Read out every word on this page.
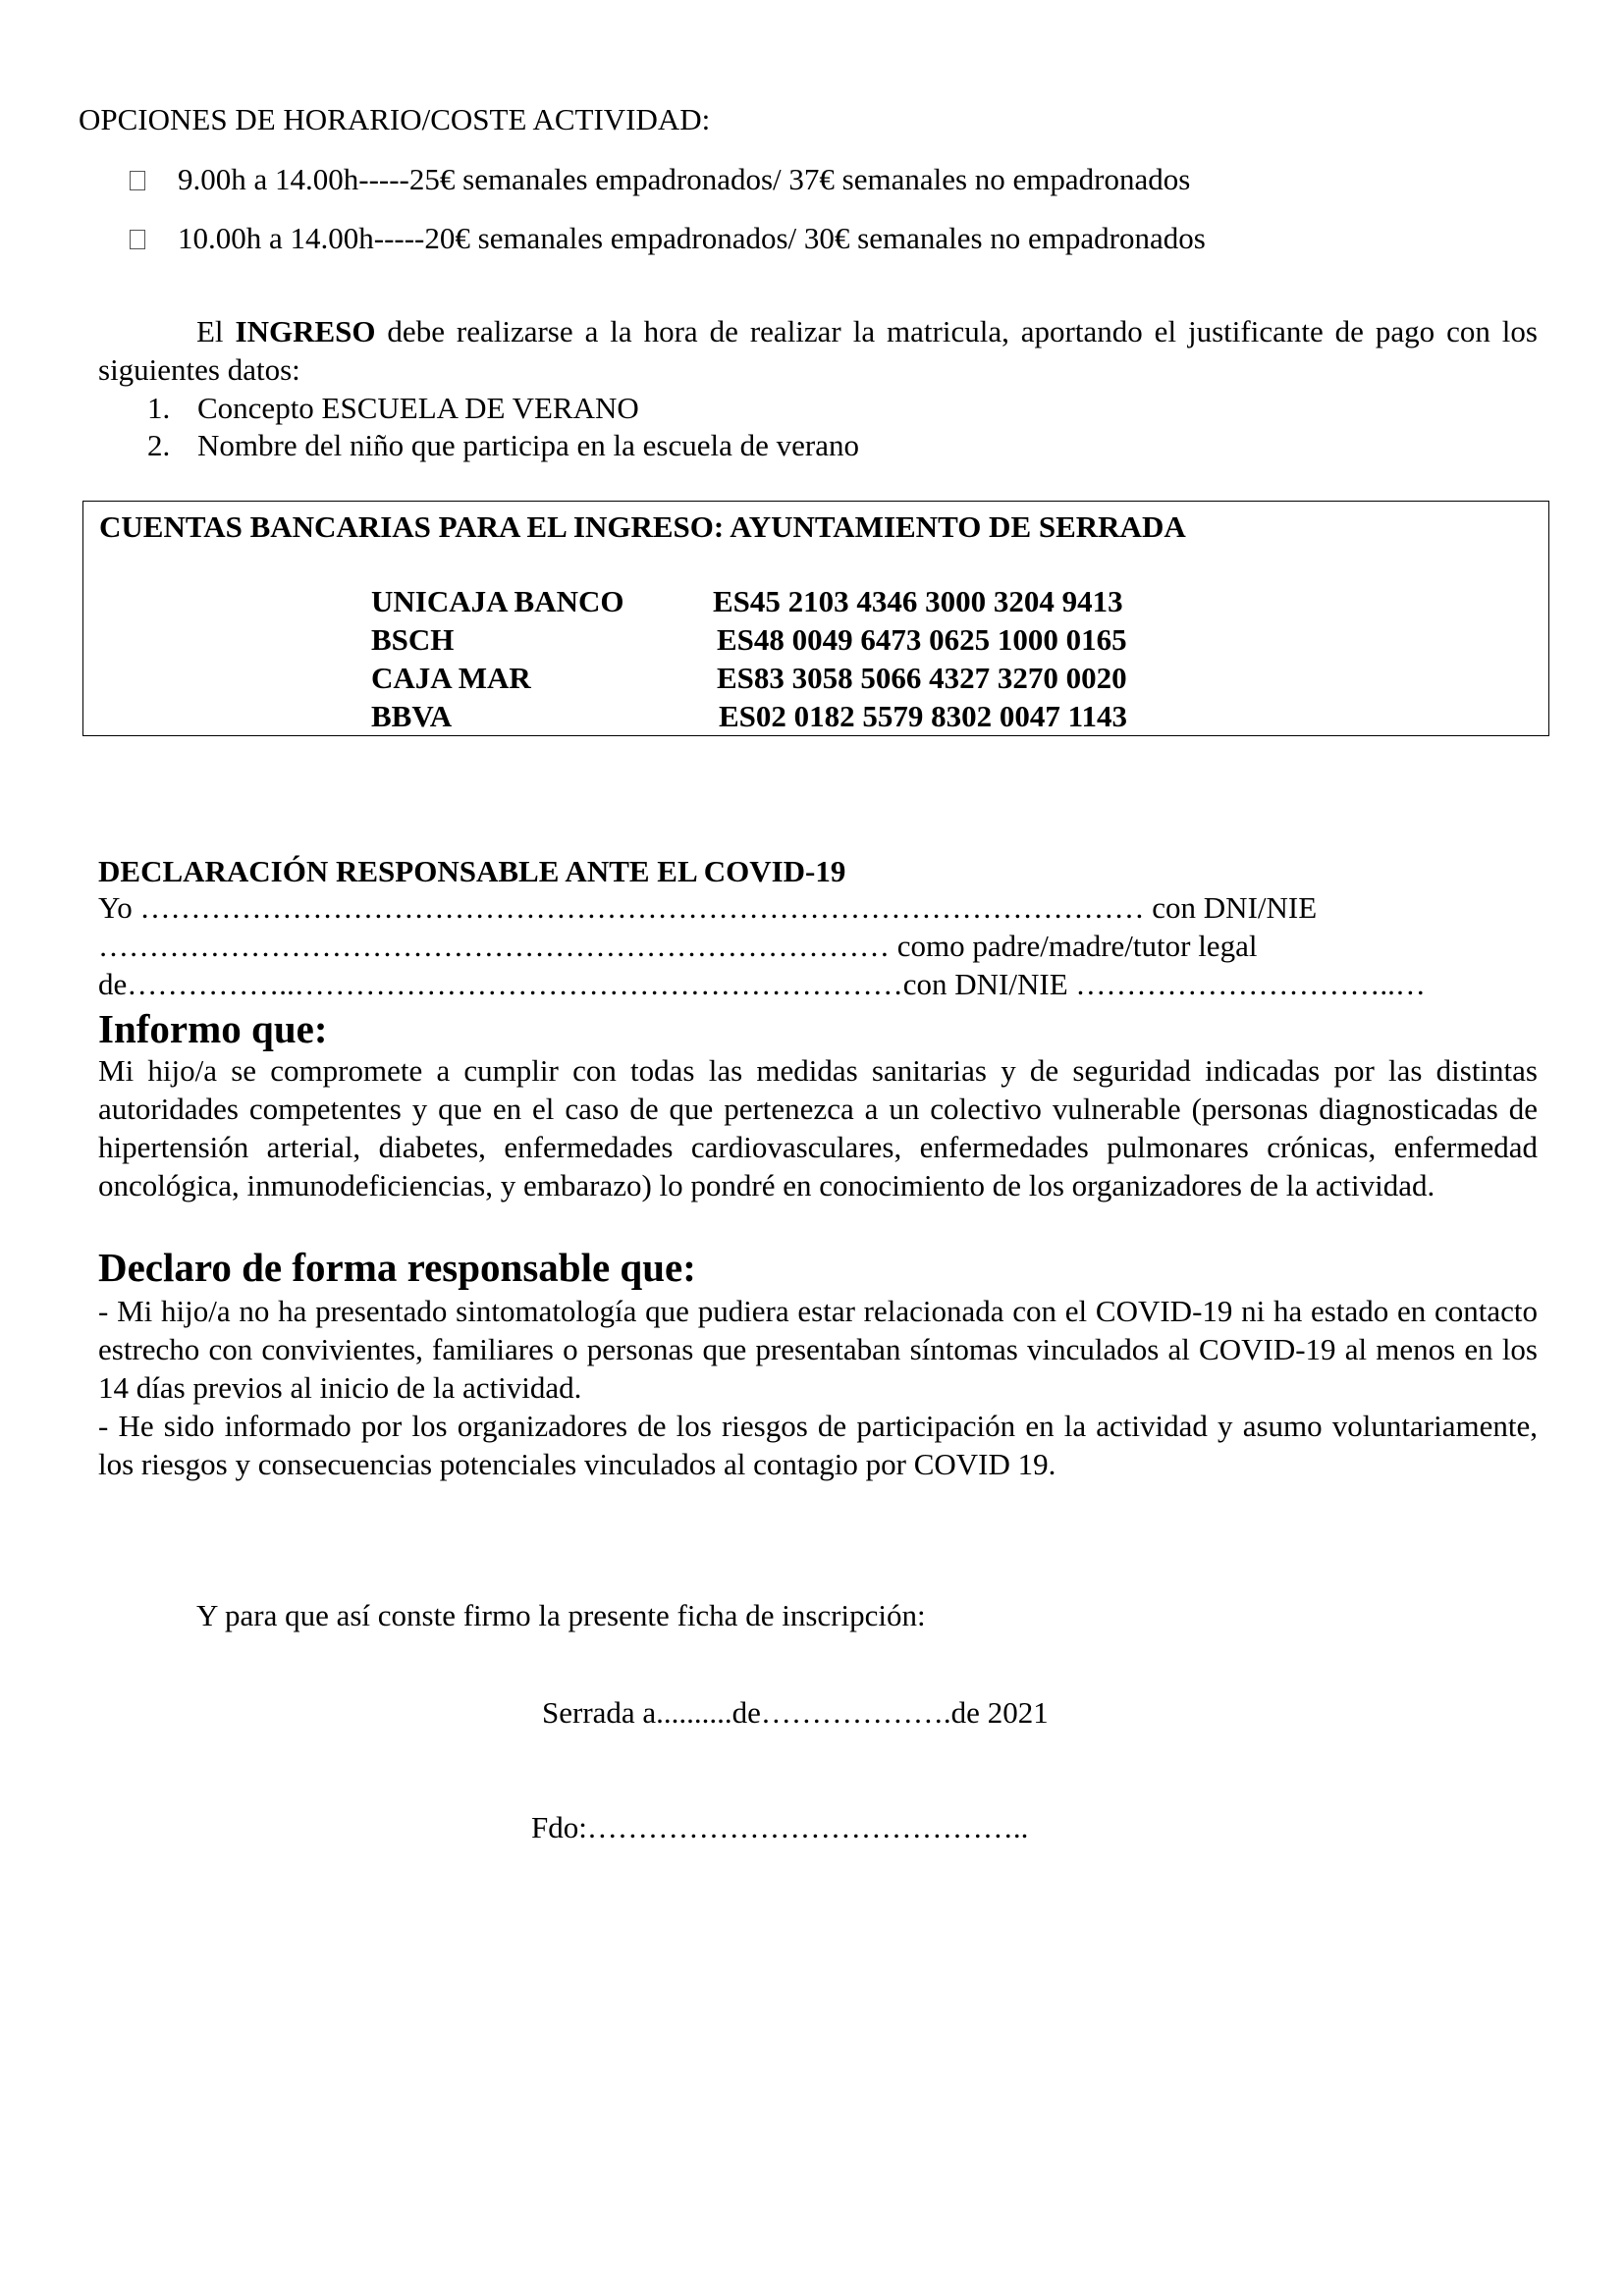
OPCIONES DE HORARIO/COSTE ACTIVIDAD:
9.00h a 14.00h-----25€ semanales empadronados/ 37€ semanales no empadronados
10.00h a 14.00h-----20€ semanales empadronados/ 30€ semanales no empadronados
El INGRESO debe realizarse a la hora de realizar la matricula, aportando el justificante de pago con los siguientes datos:
1. Concepto ESCUELA DE VERANO
2. Nombre del niño que participa en la escuela de verano
CUENTAS BANCARIAS PARA EL INGRESO: AYUNTAMIENTO DE SERRADA
UNICAJA BANCO	ES45 2103 4346 3000 3204 9413
BSCH	ES48 0049 6473 0625 1000 0165
CAJA MAR	ES83 3058 5066 4327 3270 0020
BBVA	ES02 0182 5579 8302 0047 1143
DECLARACIÓN RESPONSABLE ANTE EL COVID-19
Yo ……………………………………………………………………………………… con DNI/NIE
…………………………………………………………………… como padre/madre/tutor legal
de……………..……………………………………………………con DNI/NIE …………………………..…
Informo que:
Mi hijo/a se compromete a cumplir con todas las medidas sanitarias y de seguridad indicadas por las distintas autoridades competentes y que en el caso de que pertenezca a un colectivo vulnerable (personas diagnosticadas de hipertensión arterial, diabetes, enfermedades cardiovasculares, enfermedades pulmonares crónicas, enfermedad oncológica, inmunodeficiencias, y embarazo) lo pondré en conocimiento de los organizadores de la actividad.
Declaro de forma responsable que:
- Mi hijo/a no ha presentado sintomatología que pudiera estar relacionada con el COVID-19 ni ha estado en contacto estrecho con convivientes, familiares o personas que presentaban síntomas vinculados al COVID-19 al menos en los 14 días previos al inicio de la actividad.
- He sido informado por los organizadores de los riesgos de participación en la actividad y asumo voluntariamente, los riesgos y consecuencias potenciales vinculados al contagio por COVID 19.
Y para que así conste firmo la presente ficha de inscripción:
Serrada a..........de……………….de 2021
Fdo:……………………………………..
